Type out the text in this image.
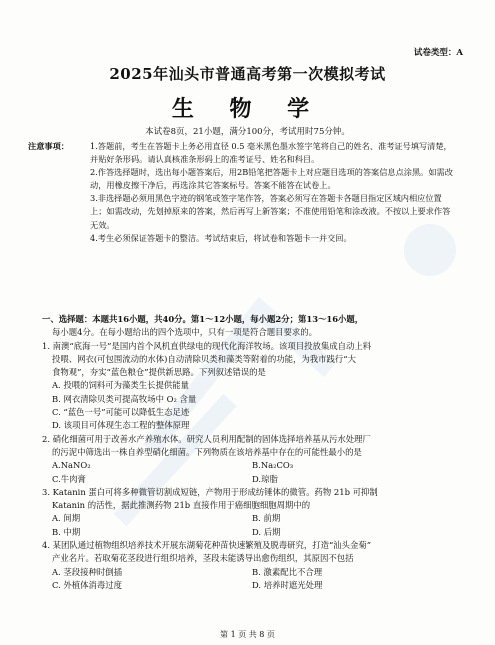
试卷类型：A
2025年汕头市普通高考第一次模拟考试
生 物 学
本试卷8页，21小题，满分100分，考试用时75分钟。
注意事项：	1.答题前，考生在答题卡上务必用直径 0.5 毫米黑色墨水签字笔将自己的姓名、准考证号填写清楚，并贴好条形码。请认真核准条形码上的准考证号、姓名和科目。
2.作答选择题时，选出每小题答案后，用2B铅笔把答题卡上对应题目选项的答案信息点涂黑。如需改动，用橡皮擦干净后，再选涂其它答案标号。答案不能答在试卷上。
3.非选择题必须用黑色字迹的钢笔或签字笔作答，答案必须写在答题卡各题目指定区域内相应位置上；如需改动，先划掉原来的答案，然后再写上新答案；不准使用铅笔和涂改液。不按以上要求作答无效。
4.考生必须保证答题卡的整洁。考试结束后，将试卷和答题卡一并交回。
一、选择题：本题共16小题，共40分。第1～12小题，每小题2分；第13～16小题，
每小题4分。在每小题给出的四个选项中，只有一项是符合题目要求的。
1. 南澳“底海一号”是国内首个风机直供绿电的现代化海洋牧场。该项目投放集成自动上料
投喂、网衣(可包围流动的水体)自动清除贝类和藻类等附着的功能，为我市践行“大
食物观”，夯实“蓝色粮仓”提供新思路。下列叙述错误的是
A. 投喂的饲料可为藻类生长提供能量
B. 网衣清除贝类可提高牧场中 O₂ 含量
C. “蓝色一号”可能可以降低生态足迹
D. 该项目可体现生态工程的整体原理
2. 硝化细菌可用于改善水产养殖水体。研究人员利用配制的固体选择培养基从污水处理厂
的污泥中筛选出一株自养型硝化细菌。下列物质在该培养基中存在的可能性最小的是
A.NaNO₂	B.Na₂CO₃
C.牛肉膏	D.琼脂
3. Katanin 蛋白可将多种微管切割成短链，产物用于形成纺锤体的微管。药物 21b 可抑制
Katanin 的活性，据此推测药物 21b 直接作用于癌细胞细胞周期中的
A. 间期	B. 前期
B. 中期	D. 后期
4. 某团队通过植物组织培养技术开展东湖菊花种苗快速繁殖及脱毒研究，打造“汕头金菊”
产业名片。若取菊花茎段进行组织培养，茎段未能诱导出愈伤组织，其原因不包括
A. 茎段接种时倒插	B. 激素配比不合理
C. 外植体消毒过度	D. 培养时遮光处理
第 1 页 共 8 页
